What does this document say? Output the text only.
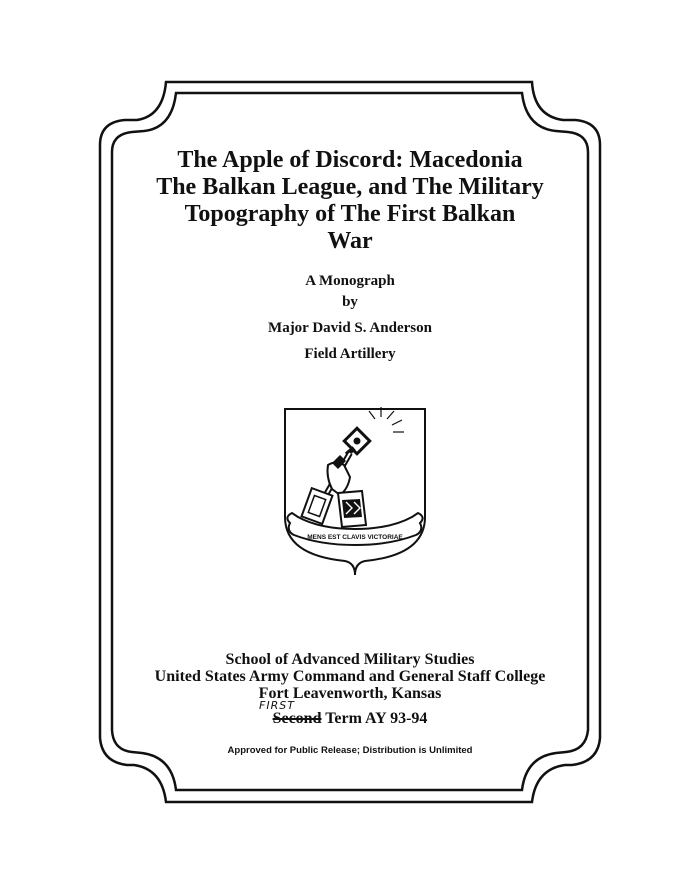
The Apple of Discord: Macedonia
The Balkan League, and The Military
Topography of The First Balkan
War
A Monograph
by
Major David S. Anderson
Field Artillery
MENS EST CLAVIS VICTORIAE
School of Advanced Military Studies
United States Army Command and General Staff College
Fort Leavenworth, Kansas
FIRST
Second Term AY 93-94
Approved for Public Release; Distribution is Unlimited
